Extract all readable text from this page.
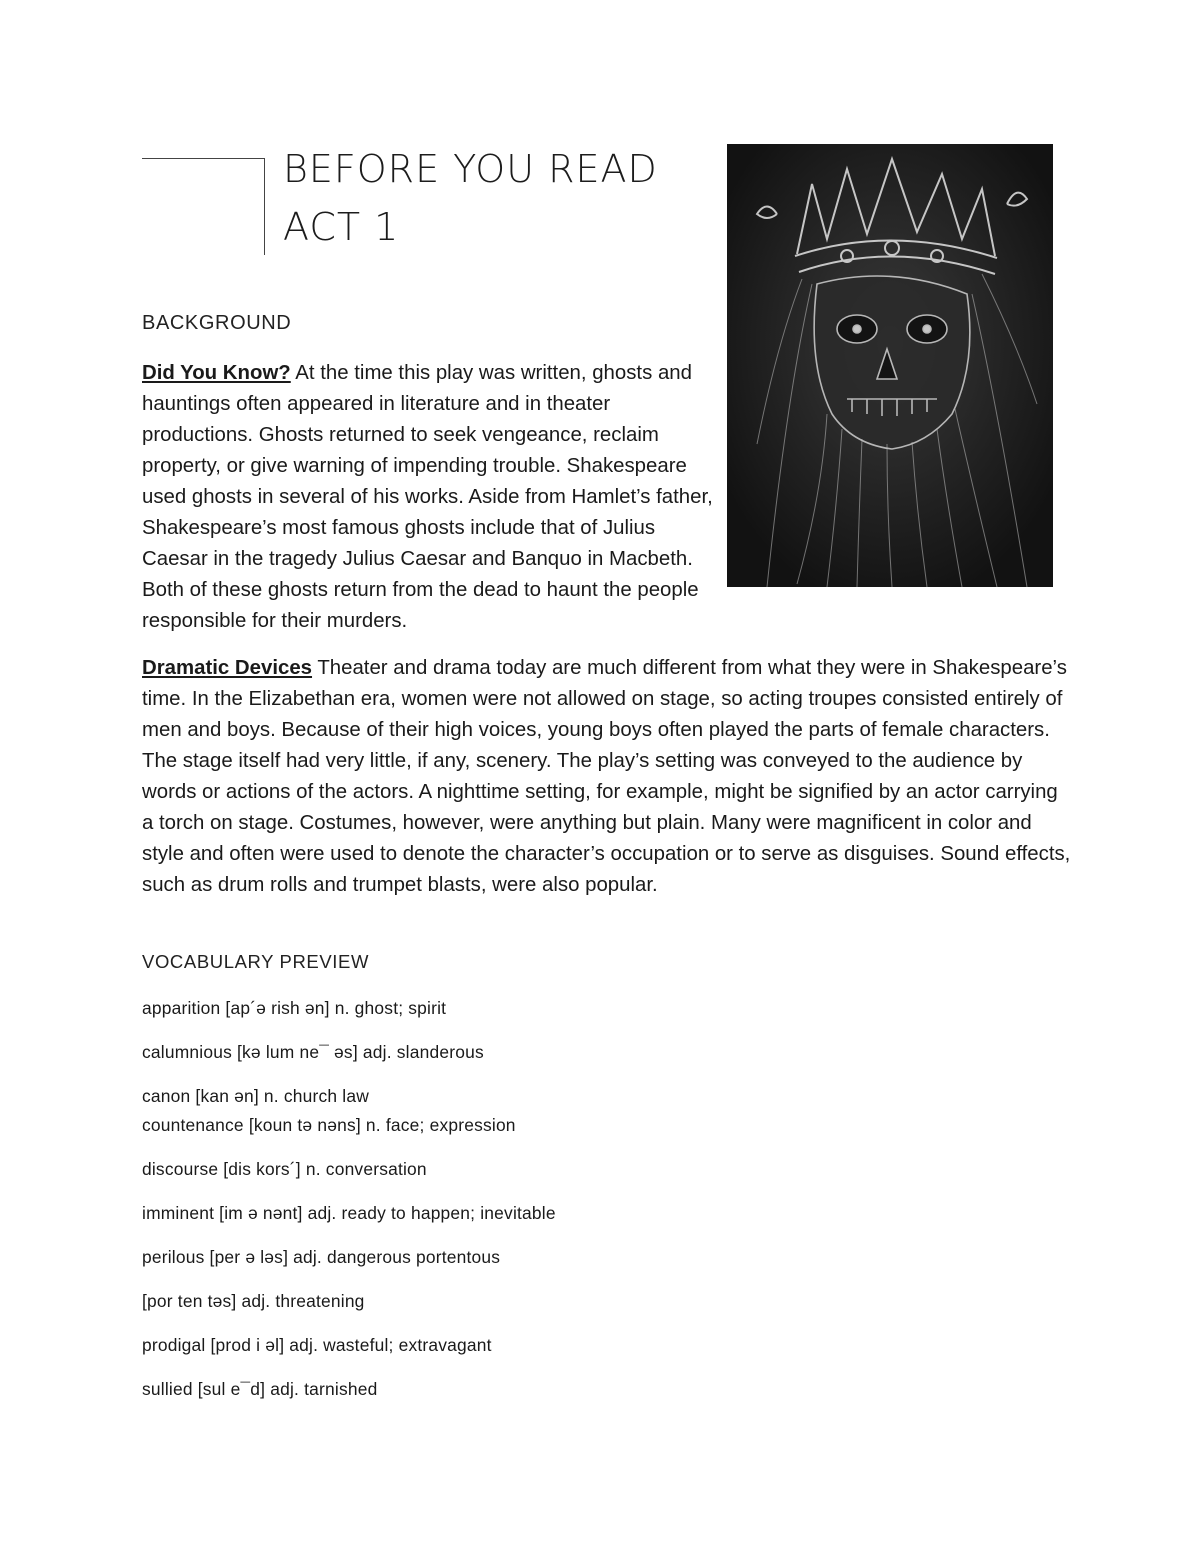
BEFORE YOU READ
ACT 1
BACKGROUND

Did You Know? At the time this play was written, ghosts and hauntings often appeared in literature and in theater productions. Ghosts returned to seek vengeance, reclaim property, or give warning of impending trouble. Shakespeare used ghosts in several of his works. Aside from Hamlet’s father, Shakespeare’s most famous ghosts include that of Julius Caesar in the tragedy Julius Caesar and Banquo in Macbeth. Both of these ghosts return from the dead to haunt the people responsible for their murders.

Dramatic Devices Theater and drama today are much different from what they were in Shakespeare’s time. In the Elizabethan era, women were not allowed on stage, so acting troupes consisted entirely of men and boys. Because of their high voices, young boys often played the parts of female characters. The stage itself had very little, if any, scenery. The play’s setting was conveyed to the audience by words or actions of the actors. A nighttime setting, for example, might be signified by an actor carrying a torch on stage. Costumes, however, were anything but plain. Many were magnificent in color and style and often were used to denote the character’s occupation or to serve as disguises. Sound effects, such as drum rolls and trumpet blasts, were also popular.

VOCABULARY PREVIEW
apparition [ap´ə rish ən] n. ghost; spirit
calumnious [kə lum ne¯ əs] adj. slanderous
canon [kan ən] n. church law
countenance [koun tə nəns] n. face; expression
discourse [dis kors´] n. conversation
imminent [im ə nənt] adj. ready to happen; inevitable
perilous [per ə ləs] adj. dangerous portentous
[por ten təs] adj. threatening
prodigal [prod i əl] adj. wasteful; extravagant
sullied [sul e¯d] adj. tarnished
